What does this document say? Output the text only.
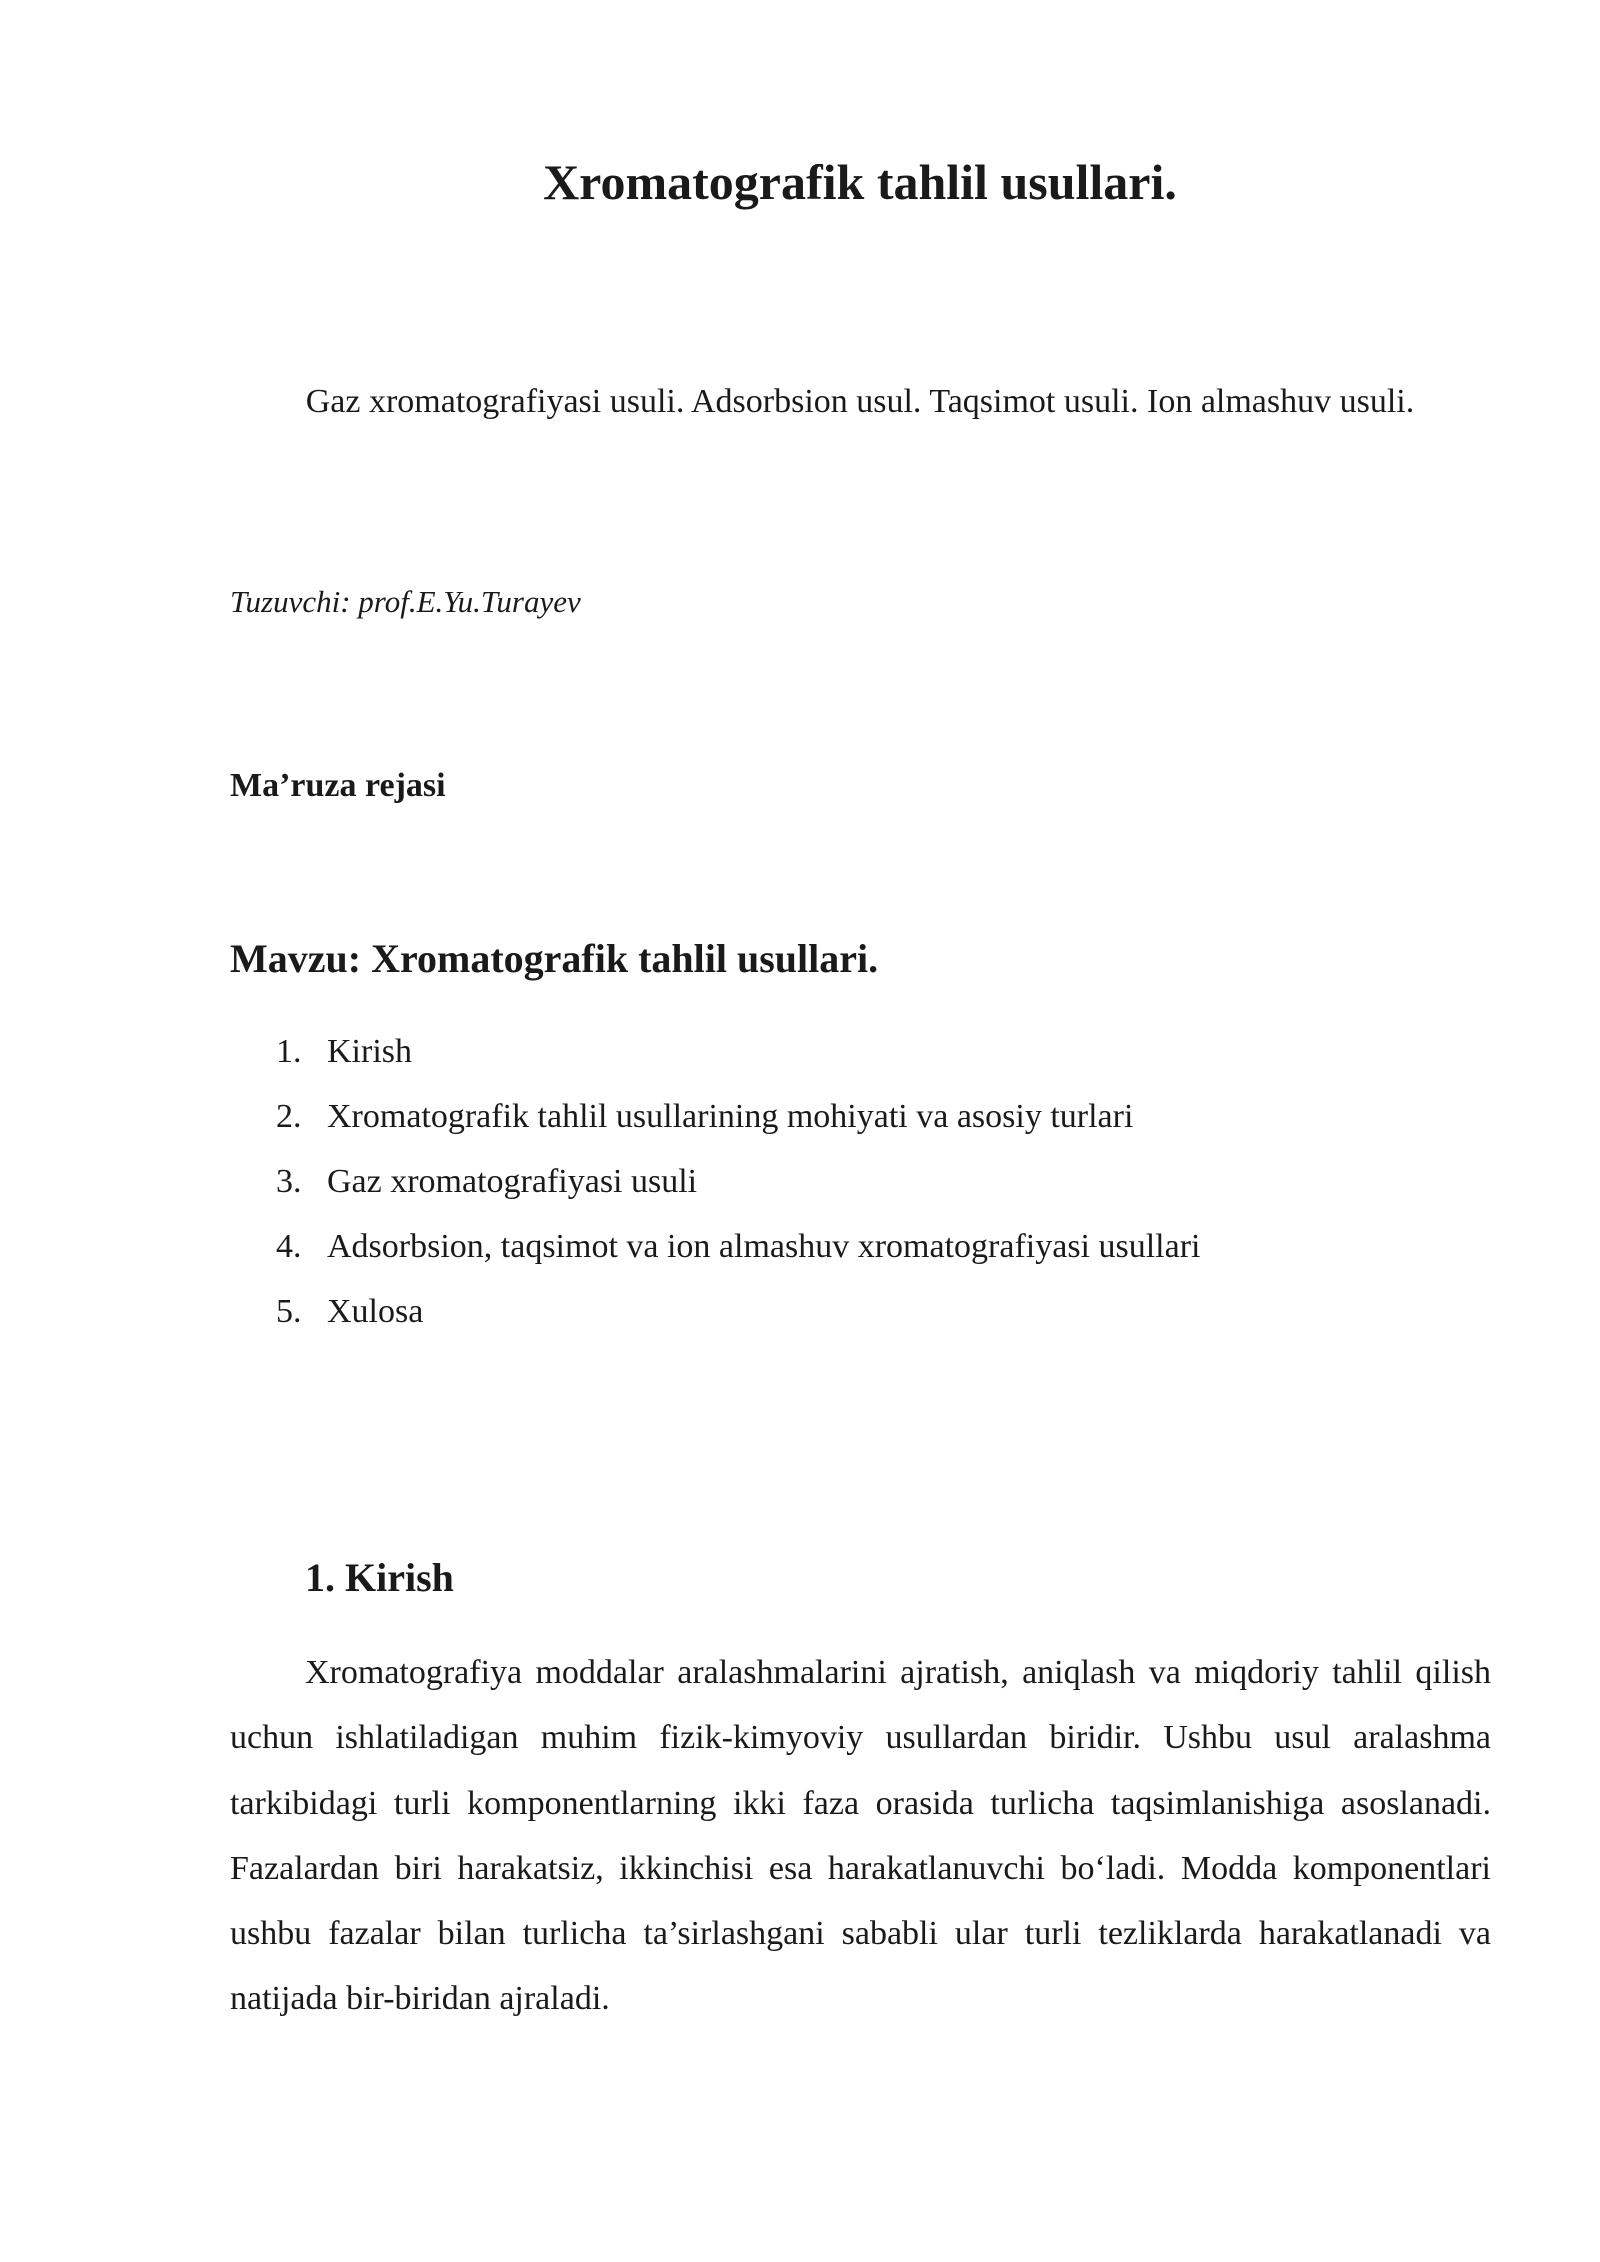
Xromatografik tahlil usullari.

Gaz xromatografiyasi usuli. Adsorbsion usul. Taqsimot usuli. Ion almashuv usuli.

Tuzuvchi: prof.E.Yu.Turayev

Ma’ruza rejasi
Mavzu: Xromatografik tahlil usullari.
1. Kirish
2. Xromatografik tahlil usullarining mohiyati va asosiy turlari
3. Gaz xromatografiyasi usuli
4. Adsorbsion, taqsimot va ion almashuv xromatografiyasi usullari
5. Xulosa
1. Kirish

Xromatografiya moddalar aralashmalarini ajratish, aniqlash va miqdoriy tahlil qilish uchun ishlatiladigan muhim fizik-kimyoviy usullardan biridir. Ushbu usul aralashma tarkibidagi turli komponentlarning ikki faza orasida turlicha taqsimlanishiga asoslanadi. Fazalardan biri harakatsiz, ikkinchisi esa harakatlanuvchi bo‘ladi. Modda komponentlari ushbu fazalar bilan turlicha ta’sirlashgani sababli ular turli tezliklarda harakatlanadi va natijada bir-biridan ajraladi.
